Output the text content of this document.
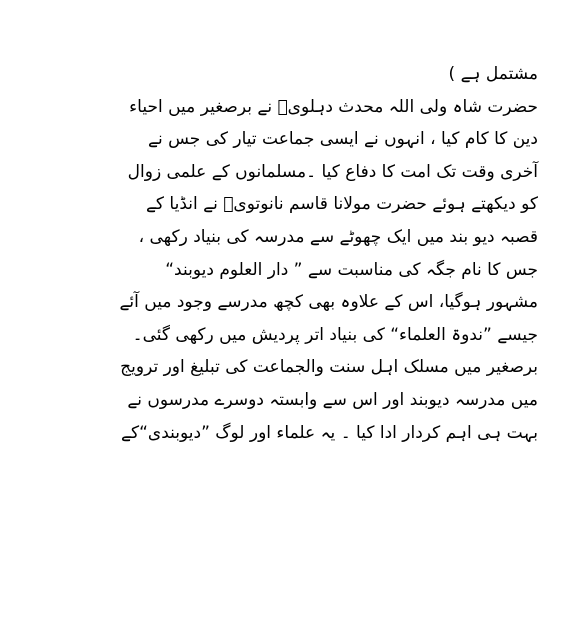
مشتمل ہے )
حضرت شاہ ولی اللہ محدث دہلویؒ نے برصغیر میں احیاء
دین کا کام کیا ، انہوں نے ایسی جماعت تیار کی جس نے
آخری وقت تک امت کا دفاع کیا ۔مسلمانوں کے علمی زوال
کو دیکھتے ہوئے حضرت مولانا قاسم نانوتویؒ نے انڈیا کے
قصبہ دیو بند میں ایک چھوٹے سے مدرسہ کی بنیاد رکھی ،
جس کا نام جگہ کی مناسبت سے ” دار العلوم دیوبند“
مشہور ہوگیا، اس کے علاوہ بھی کچھ مدرسے وجود میں آئے
جیسے ”ندوۃ العلماء“ کی بنیاد اتر پردیش میں رکھی گئی۔
برصغیر میں مسلک اہل سنت والجماعت کی تبلیغ اور ترویج
میں مدرسہ دیوبند اور اس سے وابستہ دوسرے مدرسوں نے
بہت ہی اہم کردار ادا کیا ۔ یہ علماء اور لوگ ”دیوبندی“کے
